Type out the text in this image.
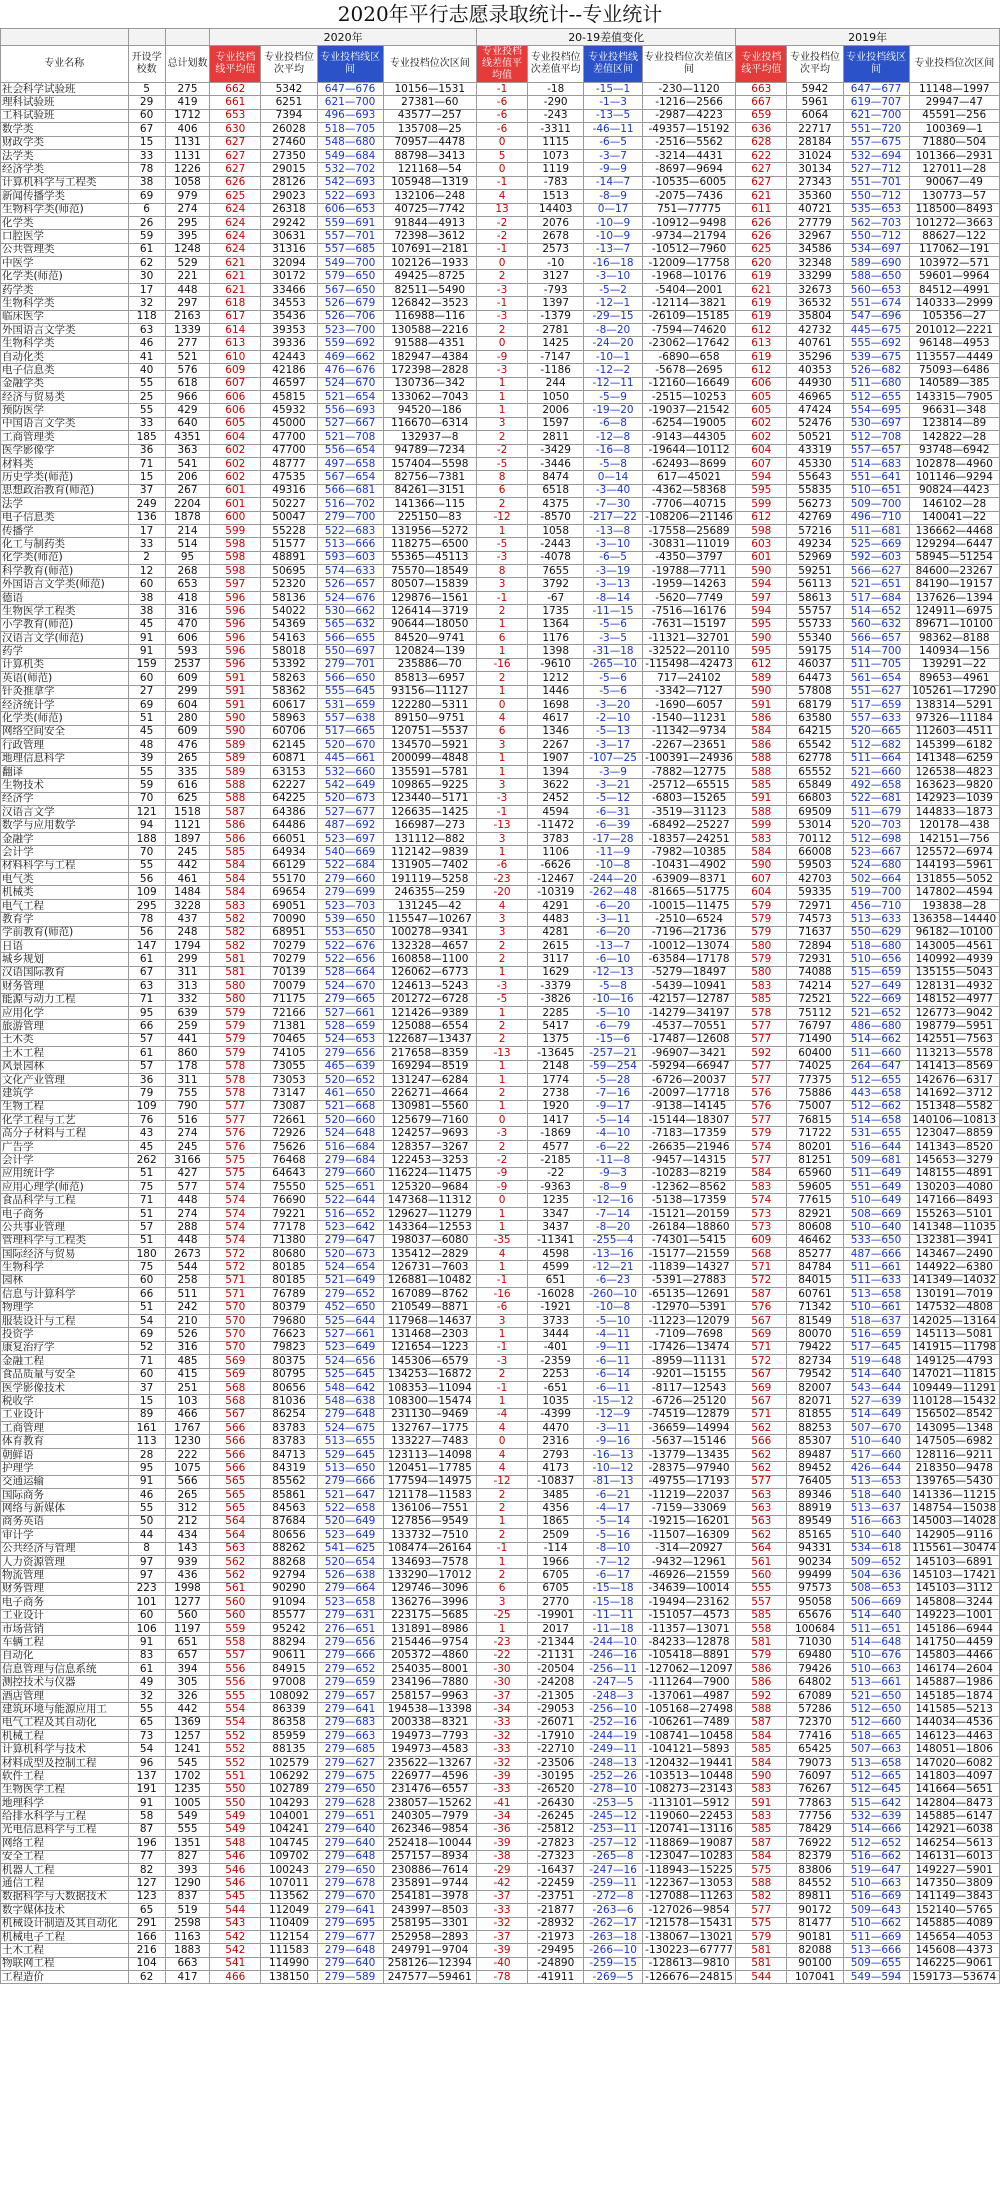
2020年平行志愿录取统计--专业统计
			2020年				20-19差值变化				2019年			
专业名称	开设学校数	总计划数	专业投档线平均值	专业投档位次平均	专业投档线区间	专业投档位次区间	专业投档线差值平均值	专业投档位次差值平均	专业投档线差值区间	专业投档位次差值区间	专业投档线平均值	专业投档位次平均	专业投档线区间	专业投档位次区间
社会科学试验班	5	275	662	5342	647—676	10156—1531	-1	-18	-15—1	-230—1120	663	5942	647—677	11148—1997
理科试验班	29	419	661	6251	621—700	27381—60	-6	-290	-1—3	-1216—2566	667	5961	619—707	29947—47
工科试验班	60	1712	653	7394	496—693	43577—257	-6	-243	-13—5	-2987—4223	659	6064	621—700	45591—256
数学类	67	406	630	26028	518—705	135708—25	-6	-3311	-46—11	-49357—15192	636	22717	551—720	100369—1
财政学类	15	1131	627	27460	548—680	70957—4478	0	1115	-6—5	-2516—5562	628	28184	557—675	71880—504
法学类	33	1131	627	27350	549—684	88798—3413	5	1073	-3—7	-3214—4431	622	31024	532—694	101366—2931
经济学类	78	1226	627	29015	532—702	121168—54	0	1119	-9—9	-8697—9694	627	30134	527—712	127011—28
计算机科学与工程类	38	1058	626	28126	542—693	105948—1319	-1	-783	-14—7	-10535—6005	627	27343	551—701	90067—49
新闻传播学类	69	979	625	29023	522—693	132106—248	4	1513	-8—9	-2075—7436	621	35360	550—712	130773—57
生物科学类(师范)	6	274	624	26318	606—653	40725—7742	13	14403	0—17	751—77775	611	40721	535—653	118500—8493
化学类	26	295	624	29242	559—691	91844—4913	-2	2076	-10—9	-10912—9498	626	27779	562—703	101272—3663
口腔医学	59	395	624	30631	557—701	72398—3612	-2	2678	-10—9	-9734—21794	626	32967	550—712	88627—122
公共管理类	61	1248	624	31316	557—685	107691—2181	-1	2573	-13—7	-10512—7960	625	34586	534—697	117062—191
中医学	62	529	621	32094	549—700	102126—1933	0	-10	-16—18	-12009—17758	620	32348	589—690	103972—571
化学类(师范)	30	221	621	30172	579—650	49425—8725	2	3127	-3—10	-1968—10176	619	33299	588—650	59601—9964
药学类	17	448	621	33466	567—650	82511—5490	-3	-793	-5—2	-5404—2001	621	32673	560—653	84512—4991
生物科学类	32	297	618	34553	526—679	126842—3523	-1	1397	-12—1	-12114—3821	619	36532	551—674	140333—2999
临床医学	118	2163	617	35436	526—706	116988—116	-3	-1379	-29—15	-26109—15185	619	35804	547—696	105356—27
外国语言文学类	63	1339	614	39353	523—700	130588—2216	2	2781	-8—20	-7594—74620	612	42732	445—675	201012—2221
生物科学类	46	277	613	39336	559—692	91588—4351	0	1425	-24—20	-23062—17642	613	40761	555—692	96148—4953
自动化类	41	521	610	42443	469—662	182947—4384	-9	-7147	-10—1	-6890—658	619	35296	539—675	113557—4449
电子信息类	40	576	609	42186	476—676	172398—2828	-3	-1186	-12—2	-5678—2695	612	40353	526—682	75093—6486
金融学类	55	618	607	46597	524—670	130736—342	1	244	-12—11	-12160—16649	606	44930	511—680	140589—385
经济与贸易类	25	966	606	45815	521—654	133062—7043	1	1050	-5—9	-2515—10253	605	46965	512—655	143315—7905
预防医学	55	429	606	45932	556—693	94520—186	1	2006	-19—20	-19037—21542	605	47424	554—695	96631—348
中国语言文学类	33	640	605	45000	527—667	116670—6314	3	1597	-6—8	-6254—19005	602	52476	530—697	123814—89
工商管理类	185	4351	604	47700	521—708	132937—8	2	2811	-12—8	-9143—44305	602	50521	512—708	142822—28
医学影像学	36	363	602	47700	556—654	94789—7234	-2	-3429	-16—8	-19644—10112	604	43319	557—657	93748—6942
材料类	71	541	602	48777	497—658	157404—5598	-5	-3446	-5—8	-62493—8699	607	45330	514—683	102878—4960
历史学类(师范)	15	206	602	47535	567—654	82756—7381	8	8474	0—14	617—45021	594	55643	551—641	101146—9294
思想政治教育(师范)	37	267	601	49316	566—681	84261—3151	6	6518	-3—40	-4362—58368	595	55835	510—651	90824—4423
法学	249	2204	601	50227	516—702	141366—115	2	4375	-7—30	-7706—40715	599	56273	509—700	146102—28
电子信息类	136	1878	600	50047	279—700	225150—83	-12	-8570	-217—22	-108206—21146	612	42769	496—710	140041—22
传播学	17	214	599	55228	522—683	131956—5272	1	1058	-13—8	-17558—25689	598	57216	511—681	136662—4468
化工与制药类	33	514	598	51577	513—666	118275—6500	-5	-2443	-3—10	-30831—11019	603	49234	525—669	129294—6447
化学类(师范)	2	95	598	48891	593—603	55365—45113	-3	-4078	-6—5	-4350—3797	601	52969	592—603	58945—51254
科学教育(师范)	12	268	598	50695	574—633	75570—18549	8	7655	-3—19	-19788—7711	590	59251	566—627	84600—23267
外国语言文学类(师范)	60	653	597	52320	526—657	80507—15839	3	3792	-3—13	-1959—14263	594	56113	521—651	84190—19157
德语	38	418	596	58136	524—676	129876—1561	-1	-67	-8—14	-5620—7749	597	58613	517—684	137626—1394
生物医学工程类	38	316	596	54022	530—662	126414—3719	2	1735	-11—15	-7516—16176	594	55757	514—652	124911—6975
小学教育(师范)	45	470	596	54369	565—632	90644—18050	1	1364	-5—6	-7631—15197	595	55733	560—632	89671—10100
汉语言文学(师范)	91	606	596	54163	566—655	84520—9741	6	1176	-3—5	-11321—32701	590	55340	566—657	98362—8188
药学	91	593	596	58018	550—697	120824—139	1	1398	-31—18	-32522—20110	595	59175	514—700	140934—156
计算机类	159	2537	596	53392	279—701	235886—70	-16	-9610	-265—10	-115498—42473	612	46037	511—705	139291—22
英语(师范)	60	609	591	58263	566—650	85813—6957	2	1212	-5—6	717—24102	589	64473	561—654	89653—4961
针灸推拿学	27	299	591	58362	555—645	93156—11127	1	1446	-5—6	-3342—7127	590	57808	551—627	105261—17290
经济统计学	69	604	591	60617	531—659	122280—5311	0	1698	-3—20	-1690—6057	591	68179	517—659	138314—5291
化学类(师范)	51	280	590	58963	557—638	89150—9751	4	4617	-2—10	-1540—11231	586	63580	557—633	97326—11184
网络空间安全	45	609	590	60706	517—665	120751—5537	6	1346	-5—13	-11342—9734	584	64215	520—665	112603—4511
行政管理	48	476	589	62145	520—670	134570—5921	3	2267	-3—17	-2267—23651	586	65542	512—682	145399—6182
地理信息科学	39	265	589	60871	445—661	200099—4848	1	1907	-107—25	-100391—24936	588	62778	511—664	141348—6259
翻译	55	335	589	63153	532—660	135591—5781	1	1394	-3—9	-7882—12775	588	65552	521—660	126538—4823
生物技术	59	616	588	62227	542—649	109865—9225	3	3622	-3—21	-25712—65515	585	65849	492—658	163623—9820
经济学	70	625	588	64225	520—673	123440—5171	-3	2452	-5—12	-6803—15265	591	66803	522—681	142923—1039
汉语言文学	121	1518	587	64386	527—677	126635—1425	-1	4594	-6—31	-3519—31123	588	69509	511—679	144833—1873
数学与应用数学	94	1121	586	64486	487—692	166987—273	-13	-11472	-6—39	-68492—25227	599	53014	520—703	120178—438
金融学	188	1897	586	66051	523—697	131112—882	3	3783	-17—28	-18357—24251	583	70112	512—698	142151—756
会计学	70	245	585	64934	540—669	112142—9839	1	1106	-11—9	-7982—10385	584	66008	523—667	125572—6974
材料科学与工程	55	442	584	66129	522—684	131905—7402	-6	-6626	-10—8	-10431—4902	590	59503	524—680	144193—5961
电气类	56	461	584	55170	279—660	191119—5258	-23	-12467	-244—20	-63909—8371	607	42703	502—664	131855—5052
机械类	109	1484	584	69654	279—699	246355—259	-20	-10319	-262—48	-81665—51775	604	59335	519—700	147802—4594
电气工程	295	3228	583	69051	523—703	131245—42	4	4291	-6—20	-10015—11475	579	72971	456—710	193838—28
教育学	78	437	582	70090	539—650	115547—10267	3	4483	-3—11	-2510—6524	579	74573	513—633	136358—14440
学前教育(师范)	56	248	582	68951	553—650	100278—9341	3	4281	-6—20	-7196—21736	579	71637	550—629	96182—10100
日语	147	1794	582	70279	522—676	132328—4657	2	2615	-13—7	-10012—13074	580	72894	518—680	143005—4561
城乡规划	61	299	581	70279	522—656	160858—1100	2	3117	-6—10	-63584—17178	579	72931	510—656	140992—4939
汉语国际教育	67	311	581	70139	528—664	126062—6773	1	1629	-12—13	-5279—18497	580	74088	515—659	135155—5043
财务管理	63	313	580	70079	524—670	124613—5243	-3	-3379	-5—8	-5439—10941	583	74214	527—649	128131—4932
能源与动力工程	71	332	580	71175	279—665	201272—6728	-5	-3826	-10—16	-42157—12787	585	72521	522—669	148152—4977
应用化学	95	639	579	72166	527—661	121426—9389	1	2285	-5—10	-14279—34197	578	75112	521—652	126773—9042
旅游管理	66	259	579	71381	528—659	125088—6554	2	5417	-6—79	-4537—70551	577	76797	486—680	198779—5951
土木类	57	441	579	70465	524—653	122687—13437	2	1375	-15—6	-17487—12608	577	71490	514—662	142551—7563
土木工程	61	860	579	74105	279—656	217658—8359	-13	-13645	-257—21	-96907—3421	592	60400	511—660	113213—5578
风景园林	57	178	578	73055	465—639	169294—8519	1	2148	-59—254	-59294—66947	577	74025	264—647	141413—8569
文化产业管理	36	311	578	73053	520—652	131247—6284	1	1774	-5—28	-6726—20037	577	77375	512—655	142676—6317
建筑学	79	755	578	73147	461—650	226271—4664	2	2738	-7—16	-20097—17718	576	75886	443—658	141692—3712
生物工程	109	790	577	73087	521—668	130981—5560	1	1920	-9—17	-9138—14145	576	75007	512—662	151348—5582
化学工程与工艺	76	516	577	72661	520—660	125679—7160	0	1417	-5—14	-15144—18307	577	76815	514—658	140106—10813
高分子材料与工程	43	274	576	72926	524—648	124257—9693	-3	-1869	-4—10	-7183—17359	579	71722	531—655	123047—8859
广告学	45	245	576	75626	516—684	128357—3267	2	4577	-6—22	-26635—21946	574	80201	516—644	141343—8520
会计学	262	3166	575	76468	279—684	122453—3253	-2	-2185	-11—8	-9457—14315	577	81251	509—681	145653—3279
应用统计学	51	427	575	64643	279—660	116224—11475	-9	-22	-9—3	-10283—8219	584	65960	511—649	148155—4891
应用心理学(师范)	75	577	574	75550	525—651	125320—9684	-9	-9363	-8—9	-12362—8562	583	59605	551—649	130203—4080
食品科学与工程	71	448	574	76690	522—644	147368—11312	0	1235	-12—16	-5138—17359	574	77615	510—649	147166—8493
电子商务	51	274	574	79221	516—652	129627—11279	1	3347	-7—14	-15121—20159	573	82921	508—669	155263—5101
公共事业管理	57	288	574	77178	523—642	143364—12553	1	3437	-8—20	-26184—18860	573	80608	510—640	141348—11035
管理科学与工程类	51	448	574	71380	279—647	198037—6080	-35	-11341	-255—4	-74301—5415	609	46462	533—650	132381—3941
国际经济与贸易	180	2673	572	80680	520—673	135412—2829	4	4598	-13—16	-15177—21559	568	85277	487—666	143467—2490
生物科学	75	544	572	80185	524—654	126731—7603	1	4599	-12—21	-11839—14327	571	84784	511—661	144922—6380
园林	60	258	571	80185	521—649	126881—10482	-1	651	-6—23	-5391—27883	572	84015	511—633	141349—14032
信息与计算科学	66	511	571	76789	279—652	167089—8762	-16	-16028	-260—10	-65135—12691	587	60761	513—658	130191—7019
物理学	51	242	570	80379	452—650	210549—8871	-6	-1921	-10—8	-12970—5391	576	71342	510—661	147532—4808
服装设计与工程	54	210	570	79680	525—644	117968—14637	3	3733	-5—10	-11223—12079	567	81549	518—637	142025—13164
投资学	69	526	570	76623	527—661	131468—2303	1	3444	-4—11	-7109—7698	569	80070	516—659	145113—5081
康复治疗学	52	316	570	79823	523—649	121654—1223	-1	-401	-9—11	-17426—13474	571	79422	517—645	141915—11798
金融工程	71	485	569	80375	524—656	145306—6579	-3	-2359	-6—11	-8959—11131	572	82734	519—648	149125—4793
食品质量与安全	60	415	569	80795	525—645	134253—16872	2	2253	-6—14	-9201—15155	567	79542	514—640	147021—11815
医学影像技术	37	251	568	80656	548—642	108353—11094	-1	-651	-6—11	-8117—12543	569	82007	543—644	109449—11291
税收学	15	103	568	81036	548—638	108300—15474	1	1035	-15—12	-6726—25120	567	82071	527—639	110128—15432
工业设计	89	466	567	86254	279—648	231130—9469	-4	-4399	-12—9	-74519—12879	571	81855	514—649	156502—8542
工商管理	161	1767	566	83783	524—675	132767—1775	4	4470	-3—11	-36659—14994	562	88253	507—670	143095—1348
体育教育	113	1230	566	83783	513—655	133227—7483	0	2316	-9—16	-5637—15146	566	85307	510—640	147505—6982
朝鲜语	28	222	566	84713	529—645	123113—14098	4	2793	-16—13	-13779—13435	562	89487	517—660	128116—9211
护理学	95	1075	566	84319	513—650	120451—17785	4	4173	-10—12	-28375—97940	562	89452	426—644	218350—9478
交通运输	91	566	565	85562	279—666	177594—14975	-12	-10837	-81—13	-49755—17193	577	76405	513—653	139765—5430
国际商务	46	265	565	85861	521—647	121178—11583	2	3485	-6—21	-11219—22037	563	89346	518—640	141336—11215
网络与新媒体	55	312	565	84563	522—658	136106—7551	2	4356	-4—17	-7159—33069	563	88919	513—637	148754—15038
商务英语	50	212	564	87684	520—649	127856—9549	1	1865	-5—14	-19215—16201	563	89549	516—663	145003—14028
审计学	44	434	564	80656	523—649	133732—7510	2	2509	-5—16	-11507—16309	562	85165	510—640	142905—9116
公共经济与管理	8	143	563	88262	541—625	108474—26164	-1	-114	-8—10	-314—20927	564	94331	534—618	115561—30474
人力资源管理	97	939	562	88268	520—654	134693—7578	1	1966	-7—12	-9432—12961	561	90234	509—652	145103—6891
物流管理	97	436	562	92794	526—638	133290—17012	2	6705	-6—17	-46926—21559	560	99499	504—636	145103—17421
财务管理	223	1998	561	90290	279—664	129746—3096	6	6705	-15—18	-34639—10014	555	97573	508—653	145103—3112
电子商务	101	1277	560	91094	523—658	136276—3996	3	2770	-15—18	-19494—23162	557	95058	506—669	145808—3244
工业设计	60	560	560	85577	279—631	223175—5685	-25	-19901	-11—11	-151057—4573	585	65676	514—640	149223—1001
市场营销	106	1197	559	95242	276—651	131891—8986	1	2017	-11—18	-11357—13071	558	100684	511—651	145186—6944
车辆工程	91	651	558	88294	279—656	215446—9754	-23	-21344	-244—10	-84233—12878	581	71030	514—648	141750—4459
自动化	83	657	557	90611	279—666	205372—4860	-22	-21131	-246—16	-105418—8891	579	69480	510—676	145803—4466
信息管理与信息系统	61	394	556	84915	279—652	254035—8001	-30	-20504	-256—11	-127062—12097	586	79426	510—663	146174—2604
测控技术与仪器	49	305	556	97008	279—659	234196—7880	-30	-24208	-247—5	-111264—7900	586	64802	513—661	145887—1986
酒店管理	32	326	555	108092	279—657	258157—9963	-37	-21305	-248—3	-137061—4987	592	67089	521—650	145185—1874
建筑环境与能源应用工	55	442	554	86339	279—641	194538—13398	-34	-29053	-256—10	-105168—27498	588	57286	512—650	141585—5213
电气工程及其自动化	65	1369	554	86358	279—683	200338—8321	-33	-26071	-252—16	-106261—7489	587	72370	512—660	144034—4536
机械工程	73	1257	552	85959	279—663	194973—7793	-32	-17910	-244—19	-108741—10458	584	77416	518—665	146123—4463
计算机科学与技术	54	1241	552	88135	279—685	194973—4583	-33	-22710	-249—11	-104121—5893	585	65425	507—663	148051—1806
材料成型及控制工程	96	545	552	102579	279—627	235622—13267	-32	-23506	-248—13	-120432—19441	584	79073	513—658	147020—6082
软件工程	137	1702	551	106292	279—675	226977—4596	-39	-30195	-252—26	-103513—10448	590	76097	512—665	141803—4097
生物医学工程	191	1235	550	102789	279—650	231476—6557	-33	-26520	-278—10	-108273—23143	583	76267	512—645	141664—5651
地理科学	91	1005	550	104293	279—628	238057—15262	-41	-26430	-253—5	-113101—5912	591	77863	515—642	142804—8473
给排水科学与工程	58	549	549	104001	279—651	240305—7979	-34	-26245	-245—12	-119060—22453	583	77756	532—639	145885—6147
光电信息科学与工程	87	555	549	104241	279—640	262346—9854	-36	-25812	-253—11	-120741—13116	585	78429	514—666	142921—6038
网络工程	196	1351	548	104745	279—640	252418—10044	-39	-27823	-257—12	-118869—19087	587	76922	512—652	146254—5613
安全工程	77	827	546	109702	279—648	257157—8934	-38	-27323	-265—8	-123047—10283	584	82379	516—662	146131—6013
机器人工程	82	393	546	100243	279—650	230886—7614	-29	-16437	-247—16	-118943—15225	575	83806	519—647	149227—5901
通信工程	127	1290	546	107011	279—678	235891—9744	-42	-22459	-259—11	-122367—13053	588	84552	510—663	147350—3809
数据科学与大数据技术	123	837	545	113562	279—670	254181—3978	-37	-23751	-272—8	-127088—11263	582	89811	516—669	141149—3843
数字媒体技术	65	519	544	112049	279—641	243997—8503	-33	-21877	-263—6	-127026—9854	577	90172	509—643	152140—5765
机械设计制造及其自动化	291	2598	543	110409	279—695	258195—3301	-32	-28932	-262—17	-121578—15431	575	81477	510—662	145885—4089
机械电子工程	166	1163	542	112154	279—677	252958—2893	-37	-21973	-263—18	-138067—13021	579	90181	511—669	145654—4053
土木工程	216	1883	542	111583	279—648	249791—9704	-39	-29495	-266—10	-130223—67777	581	82088	513—666	145608—4373
物联网工程	104	663	541	114990	279—640	258126—12394	-40	-24890	-259—15	-128613—9810	581	90100	509—655	146225—9061
工程造价	62	417	466	138150	279—589	247577—59461	-78	-41911	-269—5	-126676—24815	544	107041	549—594	159173—53674
